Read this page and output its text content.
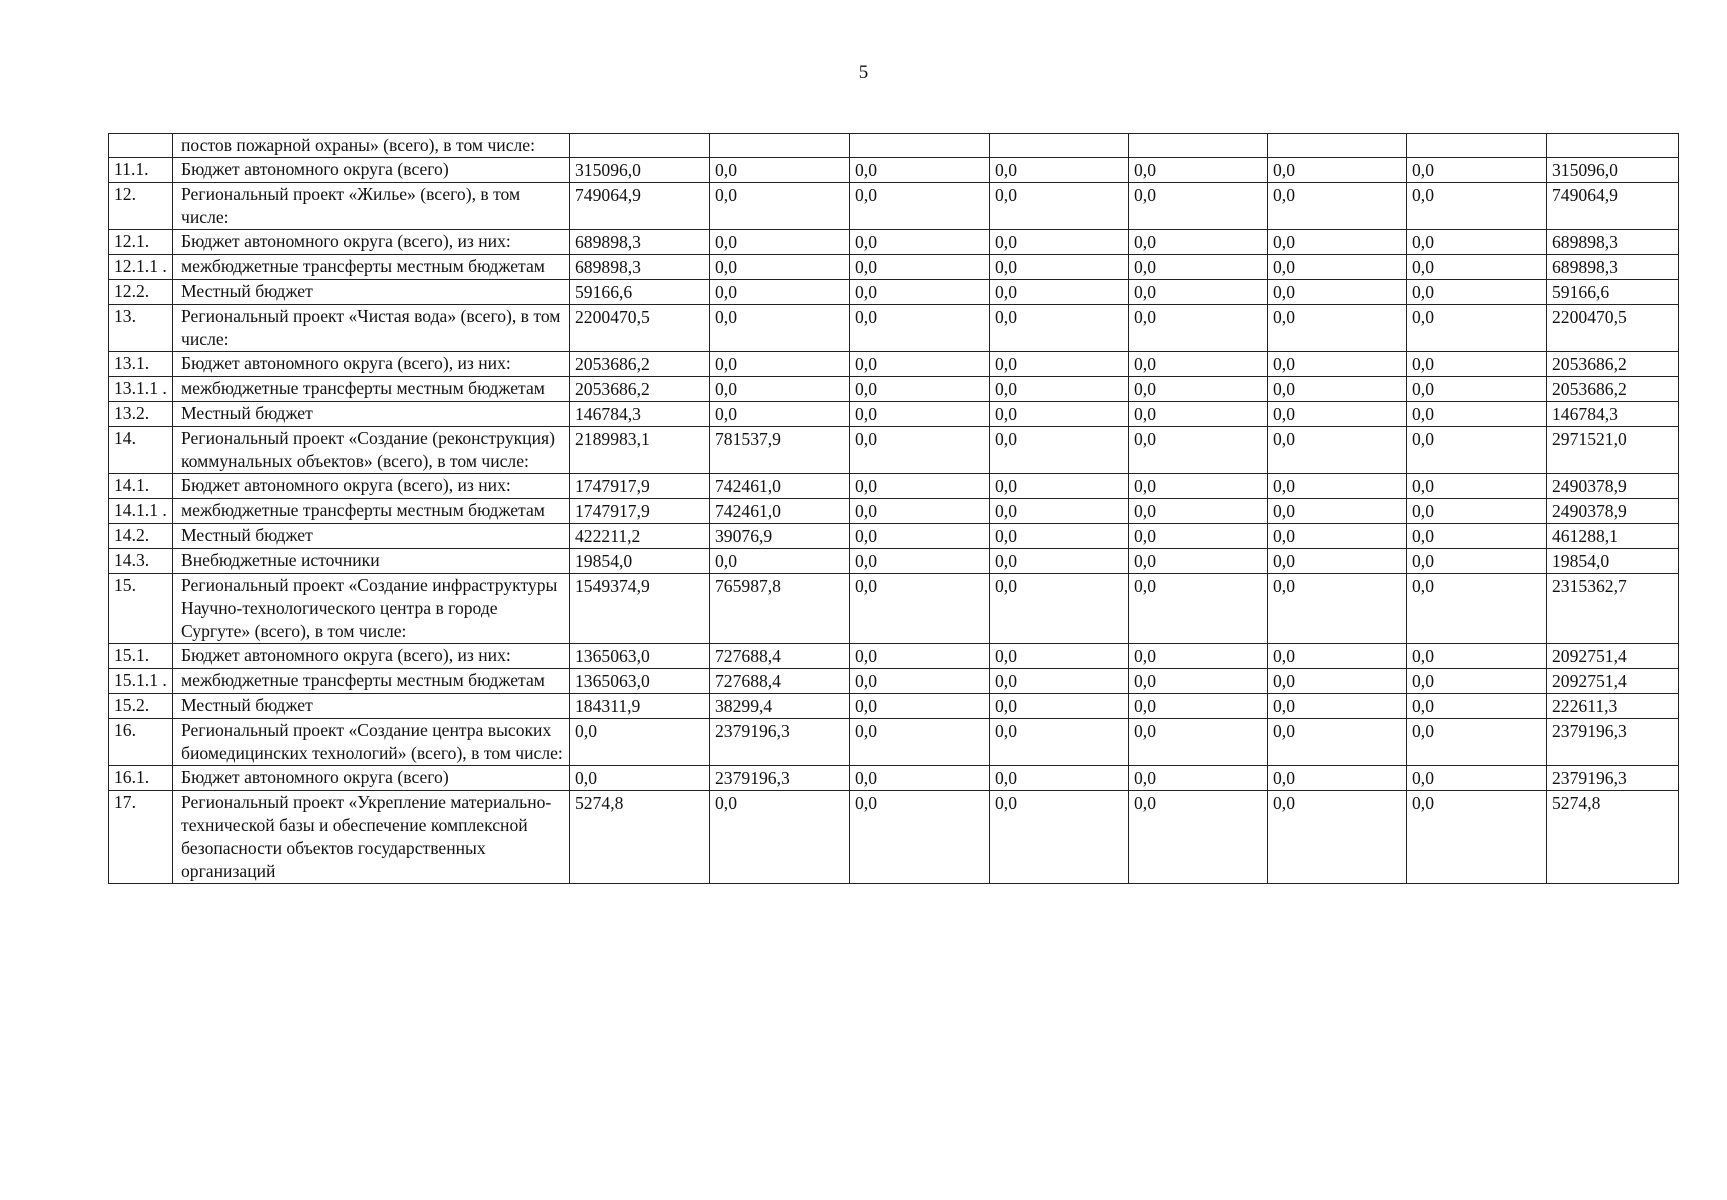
5
	постов пожарной охраны» (всего), в том числе:								
11.1.	Бюджет автономного округа (всего)	315096,0	0,0	0,0	0,0	0,0	0,0	0,0	315096,0
12.	Региональный проект «Жилье» (всего), в том числе:	749064,9	0,0	0,0	0,0	0,0	0,0	0,0	749064,9
12.1.	Бюджет автономного округа (всего), из них:	689898,3	0,0	0,0	0,0	0,0	0,0	0,0	689898,3
12.1.1 .	межбюджетные трансферты местным бюджетам	689898,3	0,0	0,0	0,0	0,0	0,0	0,0	689898,3
12.2.	Местный бюджет	59166,6	0,0	0,0	0,0	0,0	0,0	0,0	59166,6
13.	Региональный проект «Чистая вода» (всего), в том числе:	2200470,5	0,0	0,0	0,0	0,0	0,0	0,0	2200470,5
13.1.	Бюджет автономного округа (всего), из них:	2053686,2	0,0	0,0	0,0	0,0	0,0	0,0	2053686,2
13.1.1 .	межбюджетные трансферты местным бюджетам	2053686,2	0,0	0,0	0,0	0,0	0,0	0,0	2053686,2
13.2.	Местный бюджет	146784,3	0,0	0,0	0,0	0,0	0,0	0,0	146784,3
14.	Региональный проект «Создание (реконструкция) коммунальных объектов» (всего), в том числе:	2189983,1	781537,9	0,0	0,0	0,0	0,0	0,0	2971521,0
14.1.	Бюджет автономного округа (всего), из них:	1747917,9	742461,0	0,0	0,0	0,0	0,0	0,0	2490378,9
14.1.1 .	межбюджетные трансферты местным бюджетам	1747917,9	742461,0	0,0	0,0	0,0	0,0	0,0	2490378,9
14.2.	Местный бюджет	422211,2	39076,9	0,0	0,0	0,0	0,0	0,0	461288,1
14.3.	Внебюджетные источники	19854,0	0,0	0,0	0,0	0,0	0,0	0,0	19854,0
15.	Региональный проект «Создание инфраструктуры Научно-технологического центра в городе Сургуте» (всего), в том числе:	1549374,9	765987,8	0,0	0,0	0,0	0,0	0,0	2315362,7
15.1.	Бюджет автономного округа (всего), из них:	1365063,0	727688,4	0,0	0,0	0,0	0,0	0,0	2092751,4
15.1.1 .	межбюджетные трансферты местным бюджетам	1365063,0	727688,4	0,0	0,0	0,0	0,0	0,0	2092751,4
15.2.	Местный бюджет	184311,9	38299,4	0,0	0,0	0,0	0,0	0,0	222611,3
16.	Региональный проект «Создание центра высоких биомедицинских технологий» (всего), в том числе:	0,0	2379196,3	0,0	0,0	0,0	0,0	0,0	2379196,3
16.1.	Бюджет автономного округа (всего)	0,0	2379196,3	0,0	0,0	0,0	0,0	0,0	2379196,3
17.	Региональный проект «Укрепление материально-технической базы и обеспечение комплексной безопасности объектов государственных организаций	5274,8	0,0	0,0	0,0	0,0	0,0	0,0	5274,8
